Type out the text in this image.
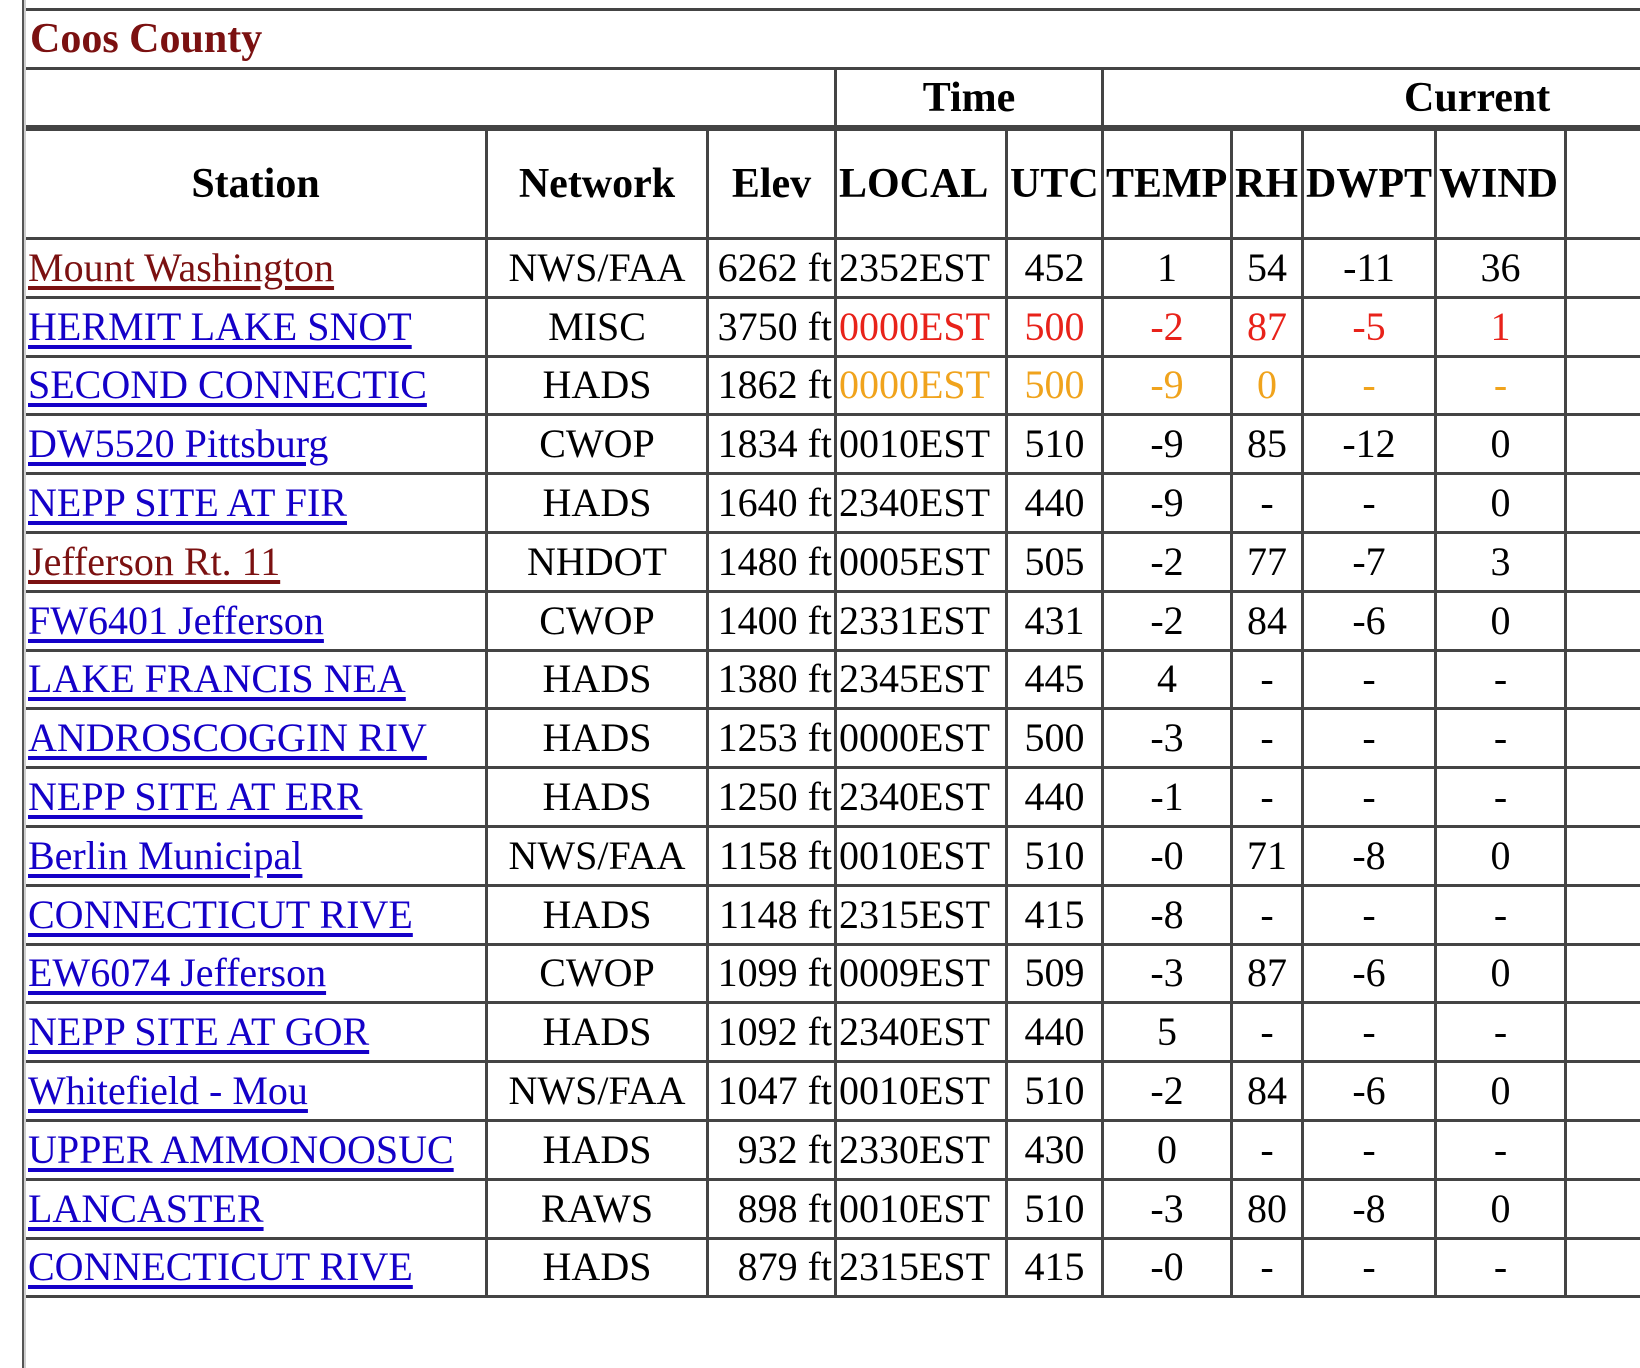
Coos County
			Time		Current				
Station	Network	Elev	LOCAL	UTC	TEMP	RH	DWPT	WIND	
Mount Washington	NWS/FAA	6262 ft	2352EST	452	1	54	-11	36	
HERMIT LAKE SNOT	MISC	3750 ft	0000EST	500	-2	87	-5	1	
SECOND CONNECTIC	HADS	1862 ft	0000EST	500	-9	0	-	-	
DW5520 Pittsburg	CWOP	1834 ft	0010EST	510	-9	85	-12	0	
NEPP SITE AT FIR	HADS	1640 ft	2340EST	440	-9	-	-	0	
Jefferson Rt. 11	NHDOT	1480 ft	0005EST	505	-2	77	-7	3	
FW6401 Jefferson	CWOP	1400 ft	2331EST	431	-2	84	-6	0	
LAKE FRANCIS NEA	HADS	1380 ft	2345EST	445	4	-	-	-	
ANDROSCOGGIN RIV	HADS	1253 ft	0000EST	500	-3	-	-	-	
NEPP SITE AT ERR	HADS	1250 ft	2340EST	440	-1	-	-	-	
Berlin Municipal	NWS/FAA	1158 ft	0010EST	510	-0	71	-8	0	
CONNECTICUT RIVE	HADS	1148 ft	2315EST	415	-8	-	-	-	
EW6074 Jefferson	CWOP	1099 ft	0009EST	509	-3	87	-6	0	
NEPP SITE AT GOR	HADS	1092 ft	2340EST	440	5	-	-	-	
Whitefield - Mou	NWS/FAA	1047 ft	0010EST	510	-2	84	-6	0	
UPPER AMMONOOSUC	HADS	932 ft	2330EST	430	0	-	-	-	
LANCASTER	RAWS	898 ft	0010EST	510	-3	80	-8	0	
CONNECTICUT RIVE	HADS	879 ft	2315EST	415	-0	-	-	-	
